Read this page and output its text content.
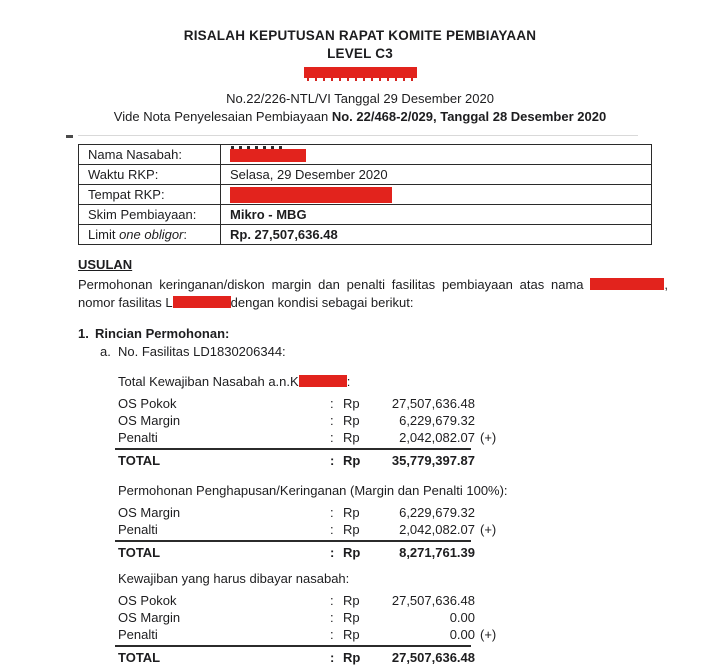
RISALAH KEPUTUSAN RAPAT KOMITE PEMBIAYAAN
LEVEL C3
No.22/226-NTL/VI Tanggal 29 Desember 2020
Vide Nota Penyelesaian Pembiayaan No. 22/468-2/029, Tanggal 28 Desember 2020
Nama Nasabah:	
Waktu RKP:	Selasa, 29 Desember 2020
Tempat RKP:	
Skim Pembiayaan:	Mikro - MBG
Limit one obligor:	Rp. 27,507,636.48
USULAN
Permohonan keringanan/diskon margin dan penalti fasilitas pembiayaan atas nama	,
nomor fasilitas L	dengan kondisi sebagai berikut:
1. Rincian Permohonan:
a. No. Fasilitas LD1830206344:
Total Kewajiban Nasabah a.n.K	:
OS Pokok	: Rp	27,507,636.48
OS Margin	: Rp	6,229,679.32
Penalti	: Rp	2,042,082.07 (+)
TOTAL	: Rp	35,779,397.87
Permohonan Penghapusan/Keringanan (Margin dan Penalti 100%):
OS Margin	: Rp	6,229,679.32
Penalti	: Rp	2,042,082.07 (+)
TOTAL	: Rp	8,271,761.39
Kewajiban yang harus dibayar nasabah:
OS Pokok	: Rp	27,507,636.48
OS Margin	: Rp	0.00
Penalti	: Rp	0.00 (+)
TOTAL	: Rp	27,507,636.48
